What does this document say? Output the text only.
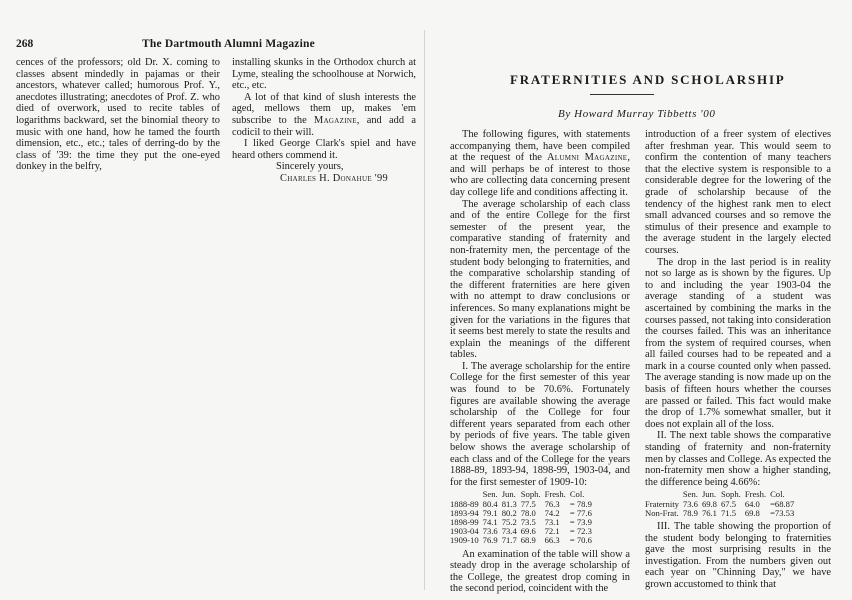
268	The Dartmouth Alumni Magazine

cences of the professors; old Dr. X. coming to classes absent mindedly in pajamas or their ancestors, whatever called; humorous Prof. Y., anecdotes illustrating; anecdotes of Prof. Z. who died of overwork, used to recite tables of logarithms backward, set the binomial theory to music with one hand, how he tamed the fourth dimension, etc., etc.; tales of derring-do by the class of '39: the time they put the one-eyed donkey in the belfry,

installing skunks in the Orthodox church at Lyme, stealing the schoolhouse at Norwich, etc., etc.

A lot of that kind of slush interests the aged, mellows them up, makes 'em subscribe to the Magazine, and add a codicil to their will.

I liked George Clark's spiel and have heard others commend it.

Sincerely yours,

Charles H. Donahue '99

FRATERNITIES AND SCHOLARSHIP
By Howard Murray Tibbetts '00

The following figures, with statements accompanying them, have been compiled at the request of the Alumni Magazine, and will perhaps be of interest to those who are collecting data concerning present day college life and conditions affecting it.

The average scholarship of each class and of the entire College for the first semester of the present year, the comparative standing of fraternity and non-fraternity men, the percentage of the student body belonging to fraternities, and the comparative scholarship standing of the different fraternities are here given with no attempt to draw conclusions or inferences. So many explanations might be given for the variations in the figures that it seems best merely to state the results and explain the meanings of the different tables.

I. The average scholarship for the entire College for the first semester of this year was found to be 70.6%. Fortunately figures are available showing the average scholarship of the College for four different years separated from each other by periods of five years. The table given below shows the average scholarship of each class and of the College for the years 1888-89, 1893-94, 1898-99, 1903-04, and for the first semester of 1909-10:

	Sen.	Jun.	Soph.	Fresh.	Col.
1888-89	80.4	81.3	77.5	76.3	= 78.9
1893-94	79.1	80.2	78.0	74.2	= 77.6
1898-99	74.1	75.2	73.5	73.1	= 73.9
1903-04	73.6	73.4	69.6	72.1	= 72.3
1909-10	76.9	71.7	68.9	66.3	= 70.6

An examination of the table will show a steady drop in the average scholarship of the College, the greatest drop coming in the second period, coincident with the

introduction of a freer system of electives after freshman year. This would seem to confirm the contention of many teachers that the elective system is responsible to a considerable degree for the lowering of the grade of scholarship because of the tendency of the highest rank men to elect small advanced courses and so remove the stimulus of their presence and example to the average student in the largely elected courses.

The drop in the last period is in reality not so large as is shown by the figures. Up to and including the year 1903-04 the average standing of a student was ascertained by combining the marks in the courses passed, not taking into consideration the courses failed. This was an inheritance from the system of required courses, when all failed courses had to be repeated and a mark in a course counted only when passed. The average standing is now made up on the basis of fifteen hours whether the courses are passed or failed. This fact would make the drop of 1.7% somewhat smaller, but it does not explain all of the loss.

II. The next table shows the comparative standing of fraternity and non-fraternity men by classes and College. As expected the non-fraternity men show a higher standing, the difference being 4.66%:

	Sen.	Jun.	Soph.	Fresh.	Col.
Fraternity	73.6	69.8	67.5	64.0	=68.87
Non-Frat.	78.9	76.1	71.5	69.8	=73.53

III. The table showing the proportion of the student body belonging to fraternities gave the most surprising results in the investigation. From the numbers given out each year on "Chinning Day," we have grown accustomed to think that
